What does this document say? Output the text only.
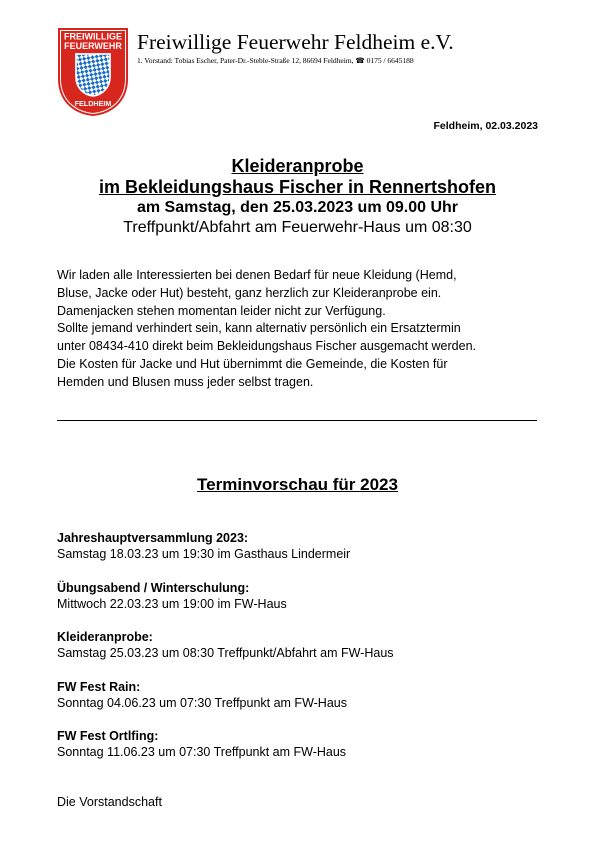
FREIWILLIGE
FEUERWEHR
FELDHEIM
Freiwillige Feuerwehr Feldheim e.V.
1. Vorstand: Tobias Escher, Pater-Dr.-Steble-Straße 12, 86694 Feldheim, ☎ 0175 / 6645188
Feldheim, 02.03.2023
Kleideranprobe
im Bekleidungshaus Fischer in Rennertshofen
am Samstag, den 25.03.2023 um 09.00 Uhr
Treffpunkt/Abfahrt am Feuerwehr-Haus um 08:30
Wir laden alle Interessierten bei denen Bedarf für neue Kleidung (Hemd,
Bluse, Jacke oder Hut) besteht, ganz herzlich zur Kleideranprobe ein.
Damenjacken stehen momentan leider nicht zur Verfügung.
Sollte jemand verhindert sein, kann alternativ persönlich ein Ersatztermin
unter 08434-410 direkt beim Bekleidungshaus Fischer ausgemacht werden.
Die Kosten für Jacke und Hut übernimmt die Gemeinde, die Kosten für
Hemden und Blusen muss jeder selbst tragen.
Terminvorschau für 2023
Jahreshauptversammlung 2023:
Samstag 18.03.23 um 19:30 im Gasthaus Lindermeir
Übungsabend / Winterschulung:
Mittwoch 22.03.23 um 19:00 im FW-Haus
Kleideranprobe:
Samstag 25.03.23 um 08:30 Treffpunkt/Abfahrt am FW-Haus
FW Fest Rain:
Sonntag 04.06.23 um 07:30 Treffpunkt am FW-Haus
FW Fest Ortlfing:
Sonntag 11.06.23 um 07:30 Treffpunkt am FW-Haus
Die Vorstandschaft
